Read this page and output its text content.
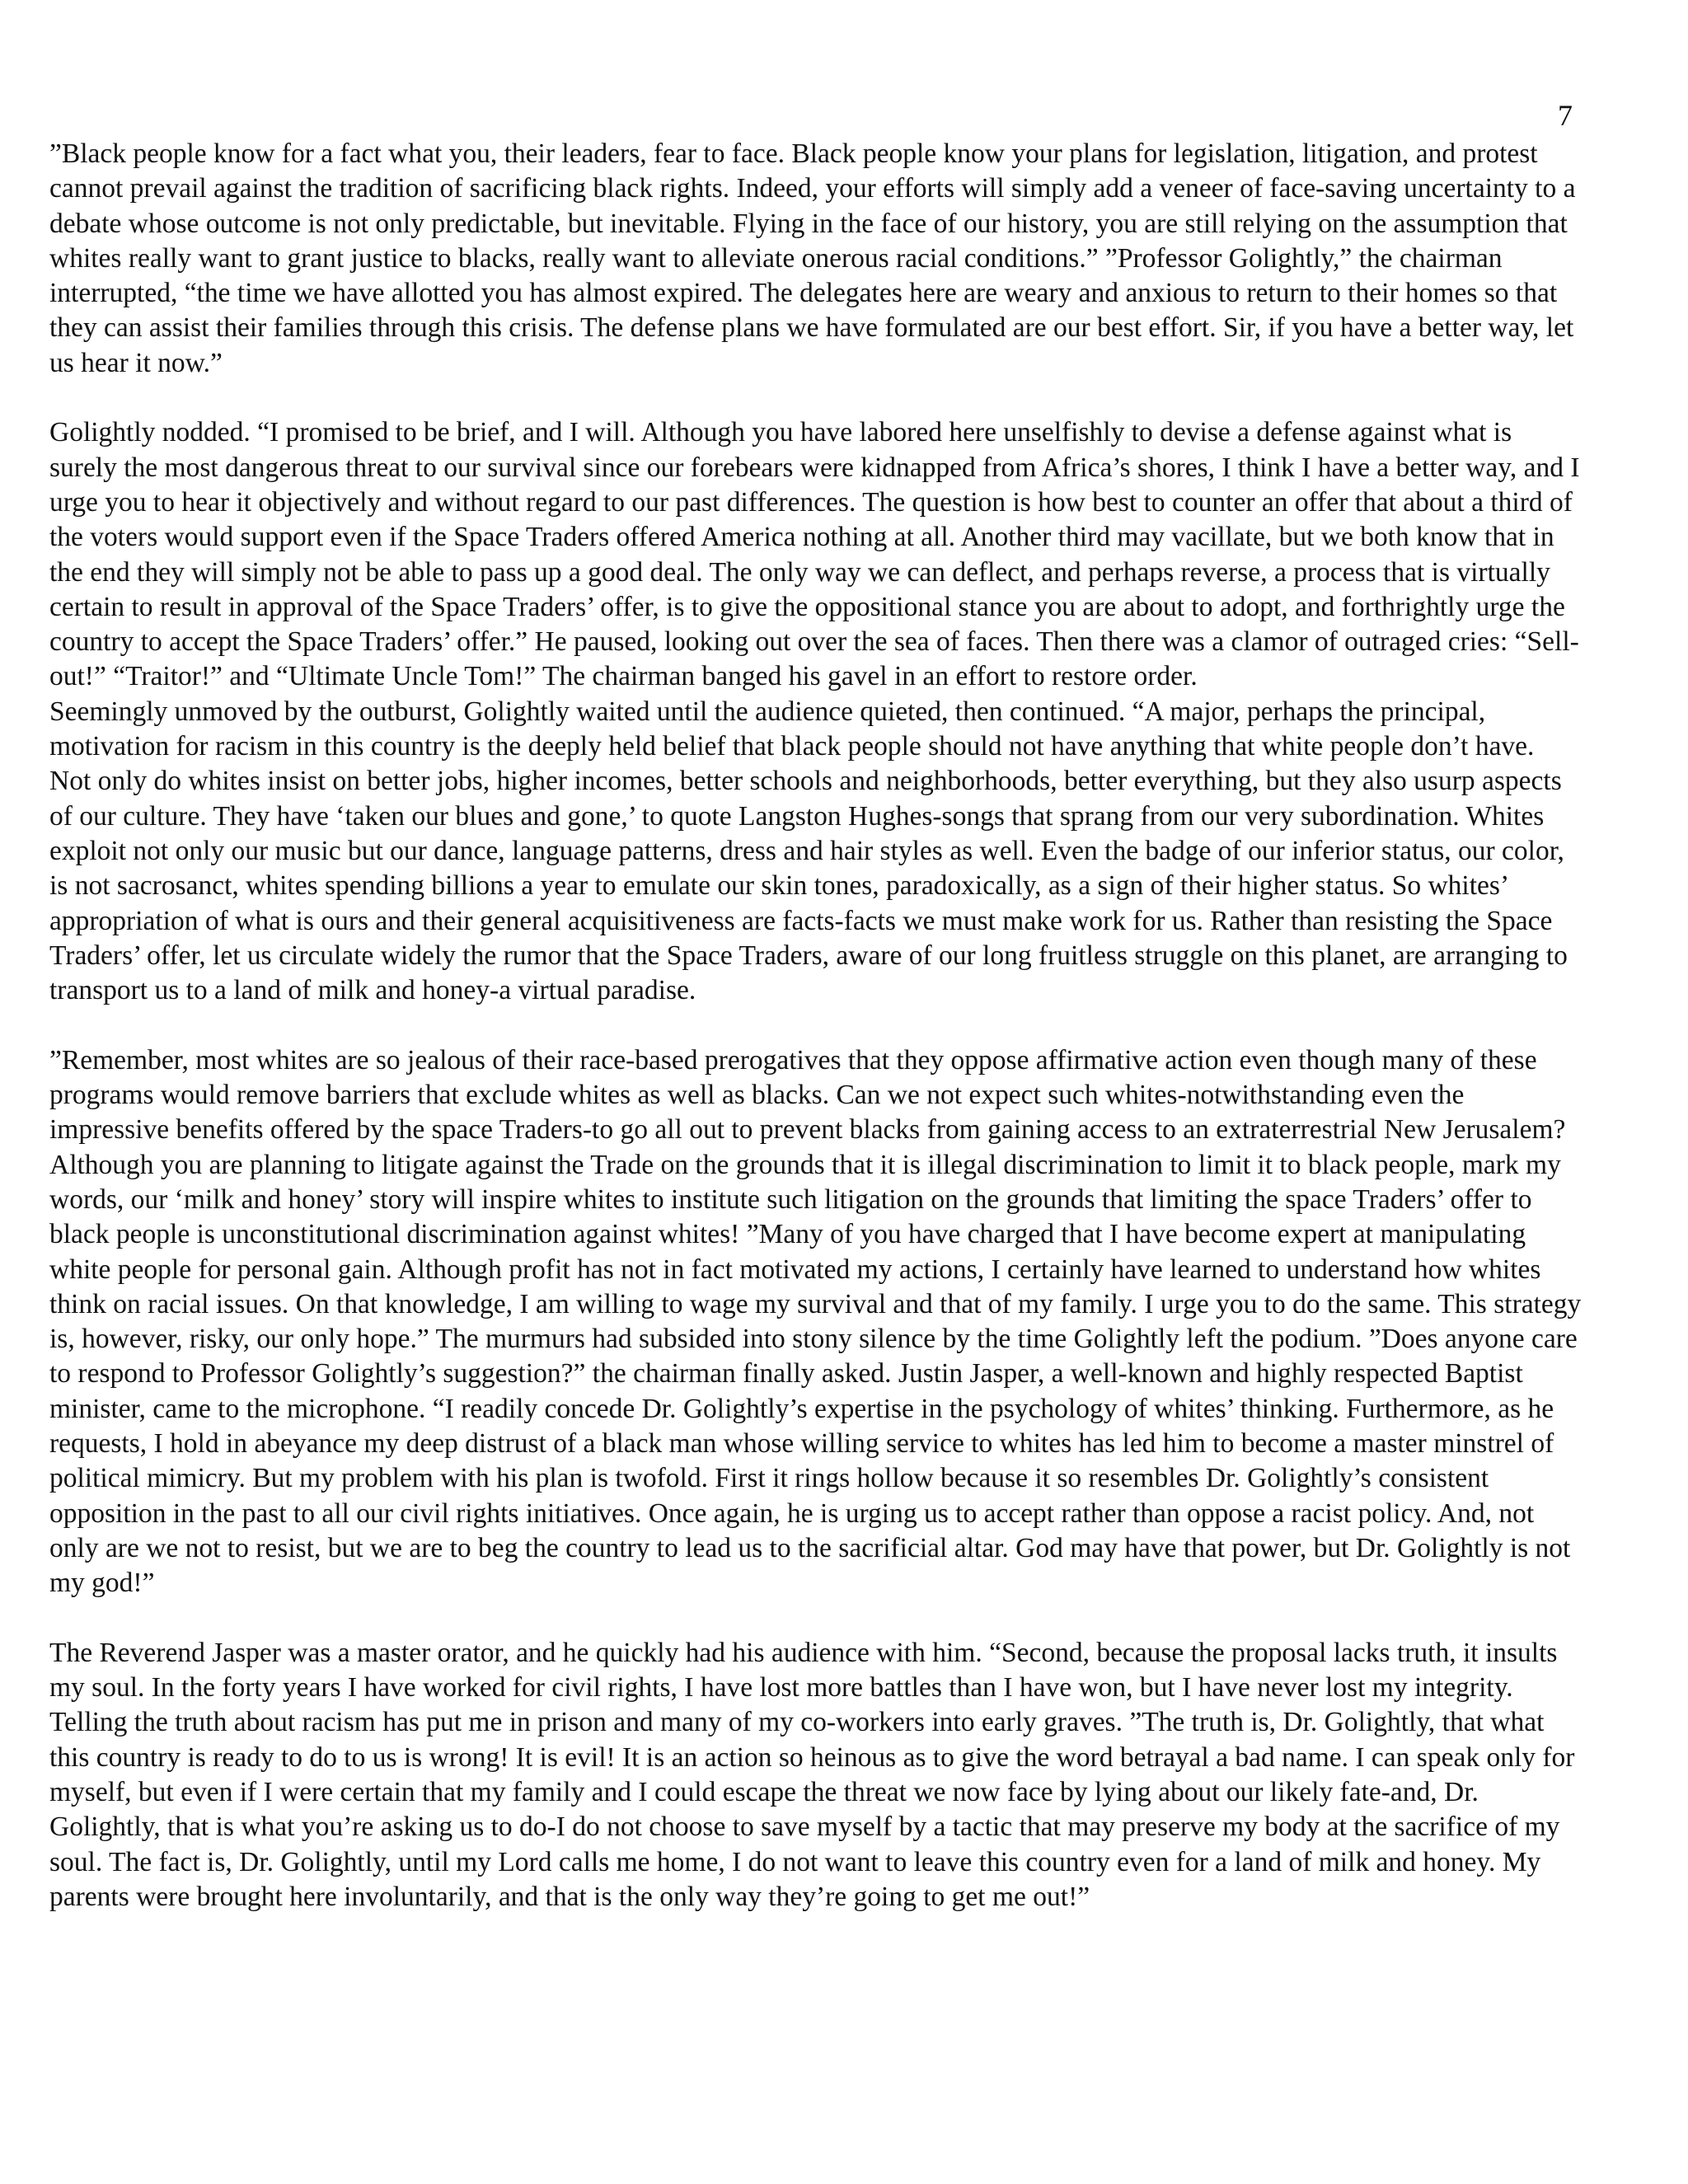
7

”Black people know for a fact what you, their leaders, fear to face. Black people know your plans for legislation, litigation, and protest cannot prevail against the tradition of sacrificing black rights. Indeed, your efforts will simply add a veneer of face-saving uncertainty to a debate whose outcome is not only predictable, but inevitable. Flying in the face of our history, you are still relying on the assumption that whites really want to grant justice to blacks, really want to alleviate onerous racial conditions.” ”Professor Golightly,” the chairman interrupted, “the time we have allotted you has almost expired. The delegates here are weary and anxious to return to their homes so that they can assist their families through this crisis. The defense plans we have formulated are our best effort. Sir, if you have a better way, let us hear it now.”

Golightly nodded. “I promised to be brief, and I will. Although you have labored here unselfishly to devise a defense against what is surely the most dangerous threat to our survival since our forebears were kidnapped from Africa’s shores, I think I have a better way, and I urge you to hear it objectively and without regard to our past differences. The question is how best to counter an offer that about a third of the voters would support even if the Space Traders offered America nothing at all. Another third may vacillate, but we both know that in the end they will simply not be able to pass up a good deal. The only way we can deflect, and perhaps reverse, a process that is virtually certain to result in approval of the Space Traders’ offer, is to give the oppositional stance you are about to adopt, and forthrightly urge the country to accept the Space Traders’ offer.” He paused, looking out over the sea of faces. Then there was a clamor of outraged cries: “Sell-out!” “Traitor!” and “Ultimate Uncle Tom!” The chairman banged his gavel in an effort to restore order.

Seemingly unmoved by the outburst, Golightly waited until the audience quieted, then continued. “A major, perhaps the principal, motivation for racism in this country is the deeply held belief that black people should not have anything that white people don’t have. Not only do whites insist on better jobs, higher incomes, better schools and neighborhoods, better everything, but they also usurp aspects of our culture. They have ‘taken our blues and gone,’ to quote Langston Hughes-songs that sprang from our very subordination. Whites exploit not only our music but our dance, language patterns, dress and hair styles as well. Even the badge of our inferior status, our color, is not sacrosanct, whites spending billions a year to emulate our skin tones, paradoxically, as a sign of their higher status. So whites’ appropriation of what is ours and their general acquisitiveness are facts-facts we must make work for us. Rather than resisting the Space Traders’ offer, let us circulate widely the rumor that the Space Traders, aware of our long fruitless struggle on this planet, are arranging to transport us to a land of milk and honey-a virtual paradise.

”Remember, most whites are so jealous of their race-based prerogatives that they oppose affirmative action even though many of these programs would remove barriers that exclude whites as well as blacks. Can we not expect such whites-notwithstanding even the impressive benefits offered by the space Traders-to go all out to prevent blacks from gaining access to an extraterrestrial New Jerusalem? Although you are planning to litigate against the Trade on the grounds that it is illegal discrimination to limit it to black people, mark my words, our ‘milk and honey’ story will inspire whites to institute such litigation on the grounds that limiting the space Traders’ offer to black people is unconstitutional discrimination against whites! ”Many of you have charged that I have become expert at manipulating white people for personal gain. Although profit has not in fact motivated my actions, I certainly have learned to understand how whites think on racial issues. On that knowledge, I am willing to wage my survival and that of my family. I urge you to do the same. This strategy is, however, risky, our only hope.” The murmurs had subsided into stony silence by the time Golightly left the podium. ”Does anyone care to respond to Professor Golightly’s suggestion?” the chairman finally asked. Justin Jasper, a well-known and highly respected Baptist minister, came to the microphone. “I readily concede Dr. Golightly’s expertise in the psychology of whites’ thinking. Furthermore, as he requests, I hold in abeyance my deep distrust of a black man whose willing service to whites has led him to become a master minstrel of political mimicry. But my problem with his plan is twofold. First it rings hollow because it so resembles Dr. Golightly’s consistent opposition in the past to all our civil rights initiatives. Once again, he is urging us to accept rather than oppose a racist policy. And, not only are we not to resist, but we are to beg the country to lead us to the sacrificial altar. God may have that power, but Dr. Golightly is not my god!”

The Reverend Jasper was a master orator, and he quickly had his audience with him. “Second, because the proposal lacks truth, it insults my soul. In the forty years I have worked for civil rights, I have lost more battles than I have won, but I have never lost my integrity. Telling the truth about racism has put me in prison and many of my co-workers into early graves. ”The truth is, Dr. Golightly, that what this country is ready to do to us is wrong! It is evil! It is an action so heinous as to give the word betrayal a bad name. I can speak only for myself, but even if I were certain that my family and I could escape the threat we now face by lying about our likely fate-and, Dr. Golightly, that is what you’re asking us to do-I do not choose to save myself by a tactic that may preserve my body at the sacrifice of my soul. The fact is, Dr. Golightly, until my Lord calls me home, I do not want to leave this country even for a land of milk and honey. My parents were brought here involuntarily, and that is the only way they’re going to get me out!”
